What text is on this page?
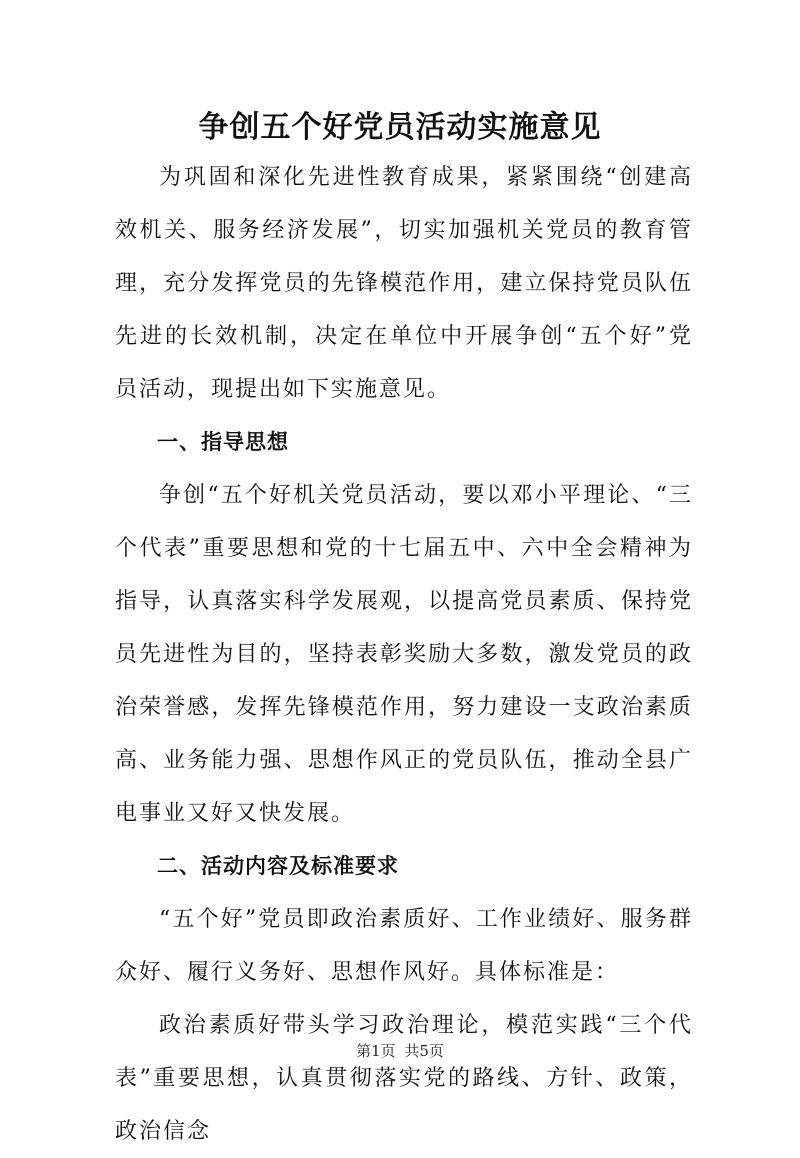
争创五个好党员活动实施意见

为巩固和深化先进性教育成果，紧紧围绕“创建高效机关、服务经济发展”，切实加强机关党员的教育管理，充分发挥党员的先锋模范作用，建立保持党员队伍先进的长效机制，决定在单位中开展争创“五个好”党员活动，现提出如下实施意见。

一、指导思想

争创“五个好机关党员活动，要以邓小平理论、“三个代表”重要思想和党的十七届五中、六中全会精神为指导，认真落实科学发展观，以提高党员素质、保持党员先进性为目的，坚持表彰奖励大多数，激发党员的政治荣誉感，发挥先锋模范作用，努力建设一支政治素质高、业务能力强、思想作风正的党员队伍，推动全县广电事业又好又快发展。

二、活动内容及标准要求

“五个好”党员即政治素质好、工作业绩好、服务群众好、履行义务好、思想作风好。具体标准是：

政治素质好带头学习政治理论，模范实践“三个代表”重要思想，认真贯彻落实党的路线、方针、政策，政治信念

第1页 共5页
